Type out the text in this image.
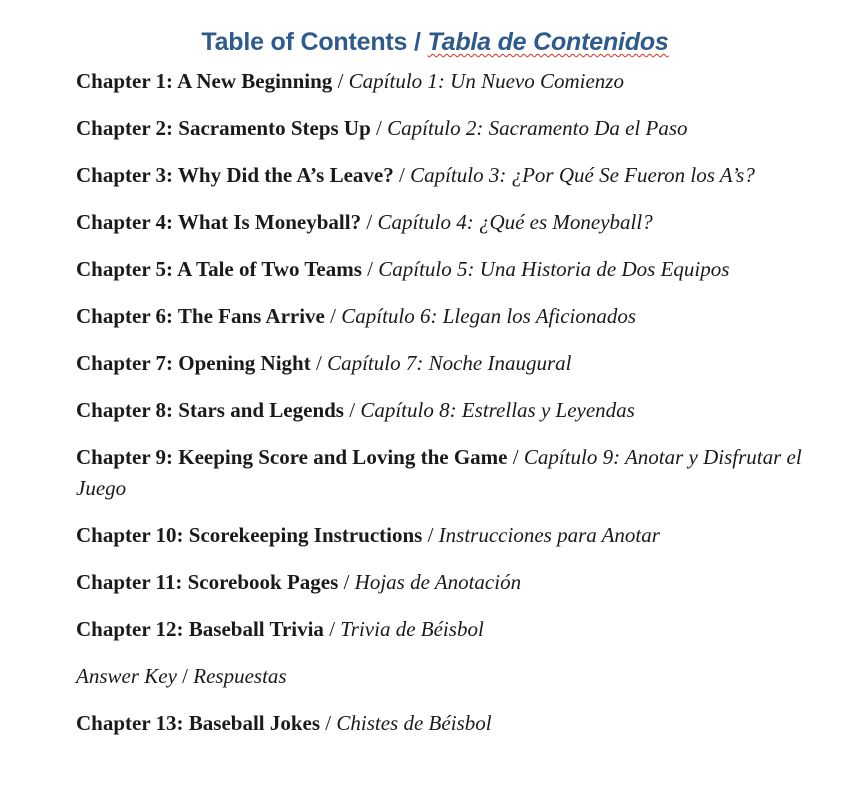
Table of Contents / Tabla de Contenidos
Chapter 1: A New Beginning / Capítulo 1: Un Nuevo Comienzo
Chapter 2: Sacramento Steps Up / Capítulo 2: Sacramento Da el Paso
Chapter 3: Why Did the A’s Leave? / Capítulo 3: ¿Por Qué Se Fueron los A’s?
Chapter 4: What Is Moneyball? / Capítulo 4: ¿Qué es Moneyball?
Chapter 5: A Tale of Two Teams / Capítulo 5: Una Historia de Dos Equipos
Chapter 6: The Fans Arrive / Capítulo 6: Llegan los Aficionados
Chapter 7: Opening Night / Capítulo 7: Noche Inaugural
Chapter 8: Stars and Legends / Capítulo 8: Estrellas y Leyendas
Chapter 9: Keeping Score and Loving the Game / Capítulo 9: Anotar y Disfrutar el Juego
Chapter 10: Scorekeeping Instructions / Instrucciones para Anotar
Chapter 11: Scorebook Pages / Hojas de Anotación
Chapter 12: Baseball Trivia / Trivia de Béisbol
Answer Key / Respuestas
Chapter 13: Baseball Jokes / Chistes de Béisbol
